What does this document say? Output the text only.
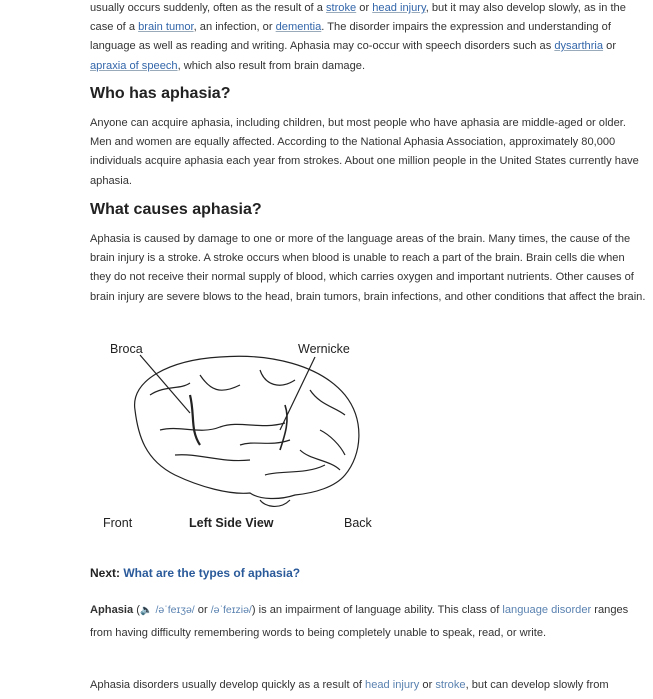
usually occurs suddenly, often as the result of a stroke or head injury, but it may also develop slowly, as in the case of a brain tumor, an infection, or dementia. The disorder impairs the expression and understanding of language as well as reading and writing. Aphasia may co-occur with speech disorders such as dysarthria or apraxia of speech, which also result from brain damage.

Who has aphasia?

Anyone can acquire aphasia, including children, but most people who have aphasia are middle-aged or older. Men and women are equally affected. According to the National Aphasia Association, approximately 80,000 individuals acquire aphasia each year from strokes. About one million people in the United States currently have aphasia.

What causes aphasia?

Aphasia is caused by damage to one or more of the language areas of the brain. Many times, the cause of the brain injury is a stroke. A stroke occurs when blood is unable to reach a part of the brain. Brain cells die when they do not receive their normal supply of blood, which carries oxygen and important nutrients. Other causes of brain injury are severe blows to the head, brain tumors, brain infections, and other conditions that affect the brain.

Broca	Wernicke
Front	Left Side View	Back
Next: What are the types of aphasia?

Aphasia (🔈 /əˈfeɪʒə/ or /əˈfeɪziə/) is an impairment of language ability. This class of language disorder ranges from having difficulty remembering words to being completely unable to speak, read, or write.

Aphasia disorders usually develop quickly as a result of head injury or stroke, but can develop slowly from
